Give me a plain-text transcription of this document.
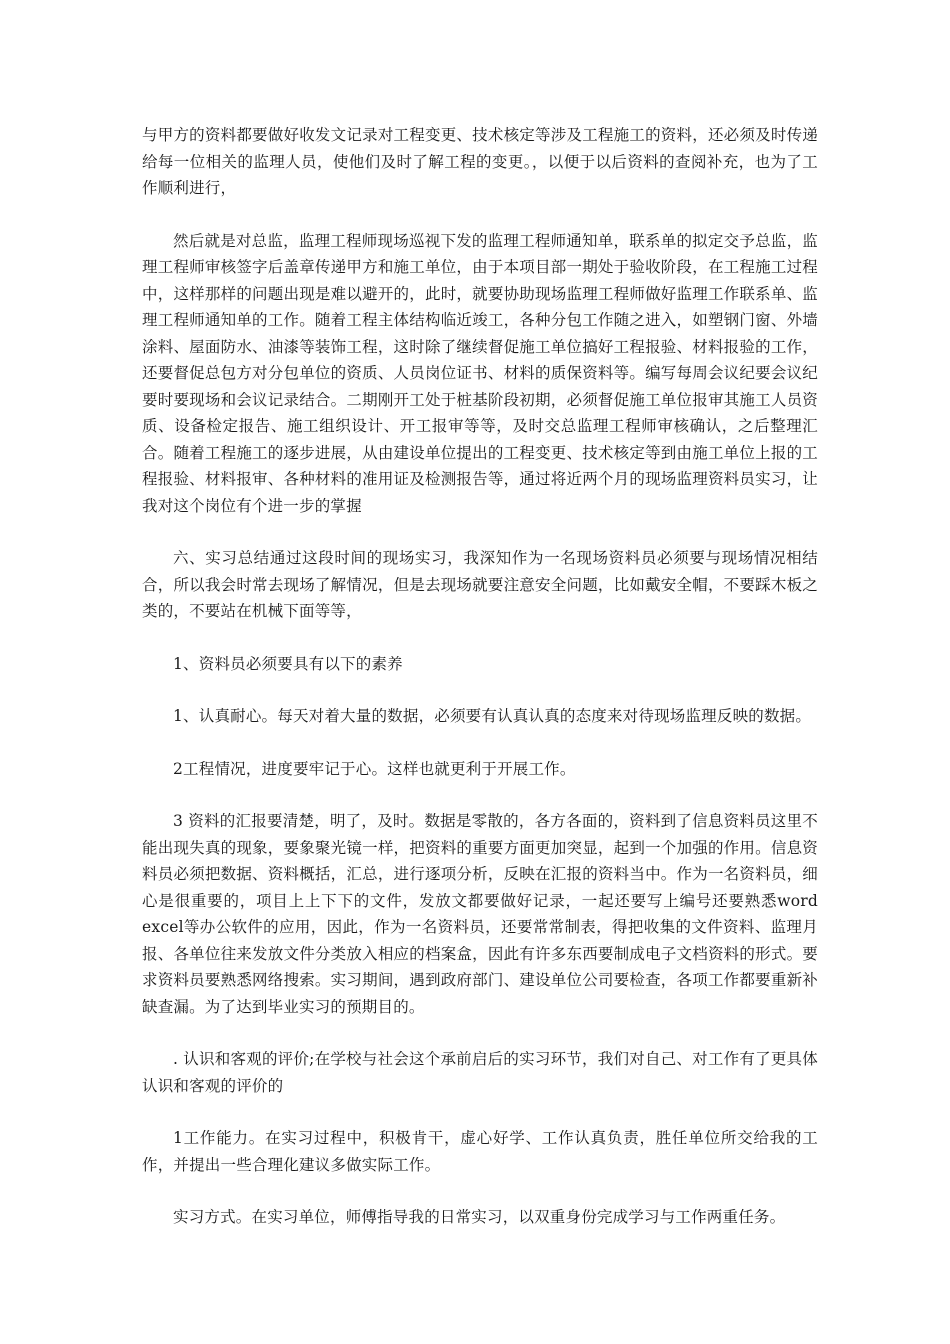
与甲方的资料都要做好收发文记录对工程变更、技术核定等涉及工程施工的资料，还必须及时传递给每一位相关的监理人员，使他们及时了解工程的变更。，以便于以后资料的查阅补充，也为了工作顺利进行，

然后就是对总监，监理工程师现场巡视下发的监理工程师通知单，联系单的拟定交予总监，监理工程师审核签字后盖章传递甲方和施工单位，由于本项目部一期处于验收阶段，在工程施工过程中，这样那样的问题出现是难以避开的，此时，就要协助现场监理工程师做好监理工作联系单、监理工程师通知单的工作。随着工程主体结构临近竣工，各种分包工作随之进入，如塑钢门窗、外墙涂料、屋面防水、油漆等装饰工程，这时除了继续督促施工单位搞好工程报验、材料报验的工作，还要督促总包方对分包单位的资质、人员岗位证书、材料的质保资料等。编写每周会议纪要会议纪要时要现场和会议记录结合。二期刚开工处于桩基阶段初期，必须督促施工单位报审其施工人员资质、设备检定报告、施工组织设计、开工报审等等，及时交总监理工程师审核确认，之后整理汇合。随着工程施工的逐步进展，从由建设单位提出的工程变更、技术核定等到由施工单位上报的工程报验、材料报审、各种材料的准用证及检测报告等，通过将近两个月的现场监理资料员实习，让我对这个岗位有个进一步的掌握

六、实习总结通过这段时间的现场实习，我深知作为一名现场资料员必须要与现场情况相结合，所以我会时常去现场了解情况，但是去现场就要注意安全问题，比如戴安全帽，不要踩木板之类的，不要站在机械下面等等，

1、资料员必须要具有以下的素养

1、认真耐心。每天对着大量的数据，必须要有认真认真的态度来对待现场监理反映的数据。

2工程情况，进度要牢记于心。这样也就更利于开展工作。

3 资料的汇报要清楚，明了，及时。数据是零散的，各方各面的，资料到了信息资料员这里不能出现失真的现象，要象聚光镜一样，把资料的重要方面更加突显，起到一个加强的作用。信息资料员必须把数据、资料概括，汇总，进行逐项分析，反映在汇报的资料当中。作为一名资料员，细心是很重要的，项目上上下下的文件，发放文都要做好记录，一起还要写上编号还要熟悉word excel等办公软件的应用，因此，作为一名资料员，还要常常制表，得把收集的文件资料、监理月报、各单位往来发放文件分类放入相应的档案盒，因此有许多东西要制成电子文档资料的形式。要求资料员要熟悉网络搜索。实习期间，遇到政府部门、建设单位公司要检查，各项工作都要重新补缺查漏。为了达到毕业实习的预期目的。

. 认识和客观的评价;在学校与社会这个承前启后的实习环节，我们对自己、对工作有了更具体认识和客观的评价的

1工作能力。在实习过程中，积极肯干，虚心好学、工作认真负责，胜任单位所交给我的工作，并提出一些合理化建议多做实际工作。

实习方式。在实习单位，师傅指导我的日常实习，以双重身份完成学习与工作两重任务。
